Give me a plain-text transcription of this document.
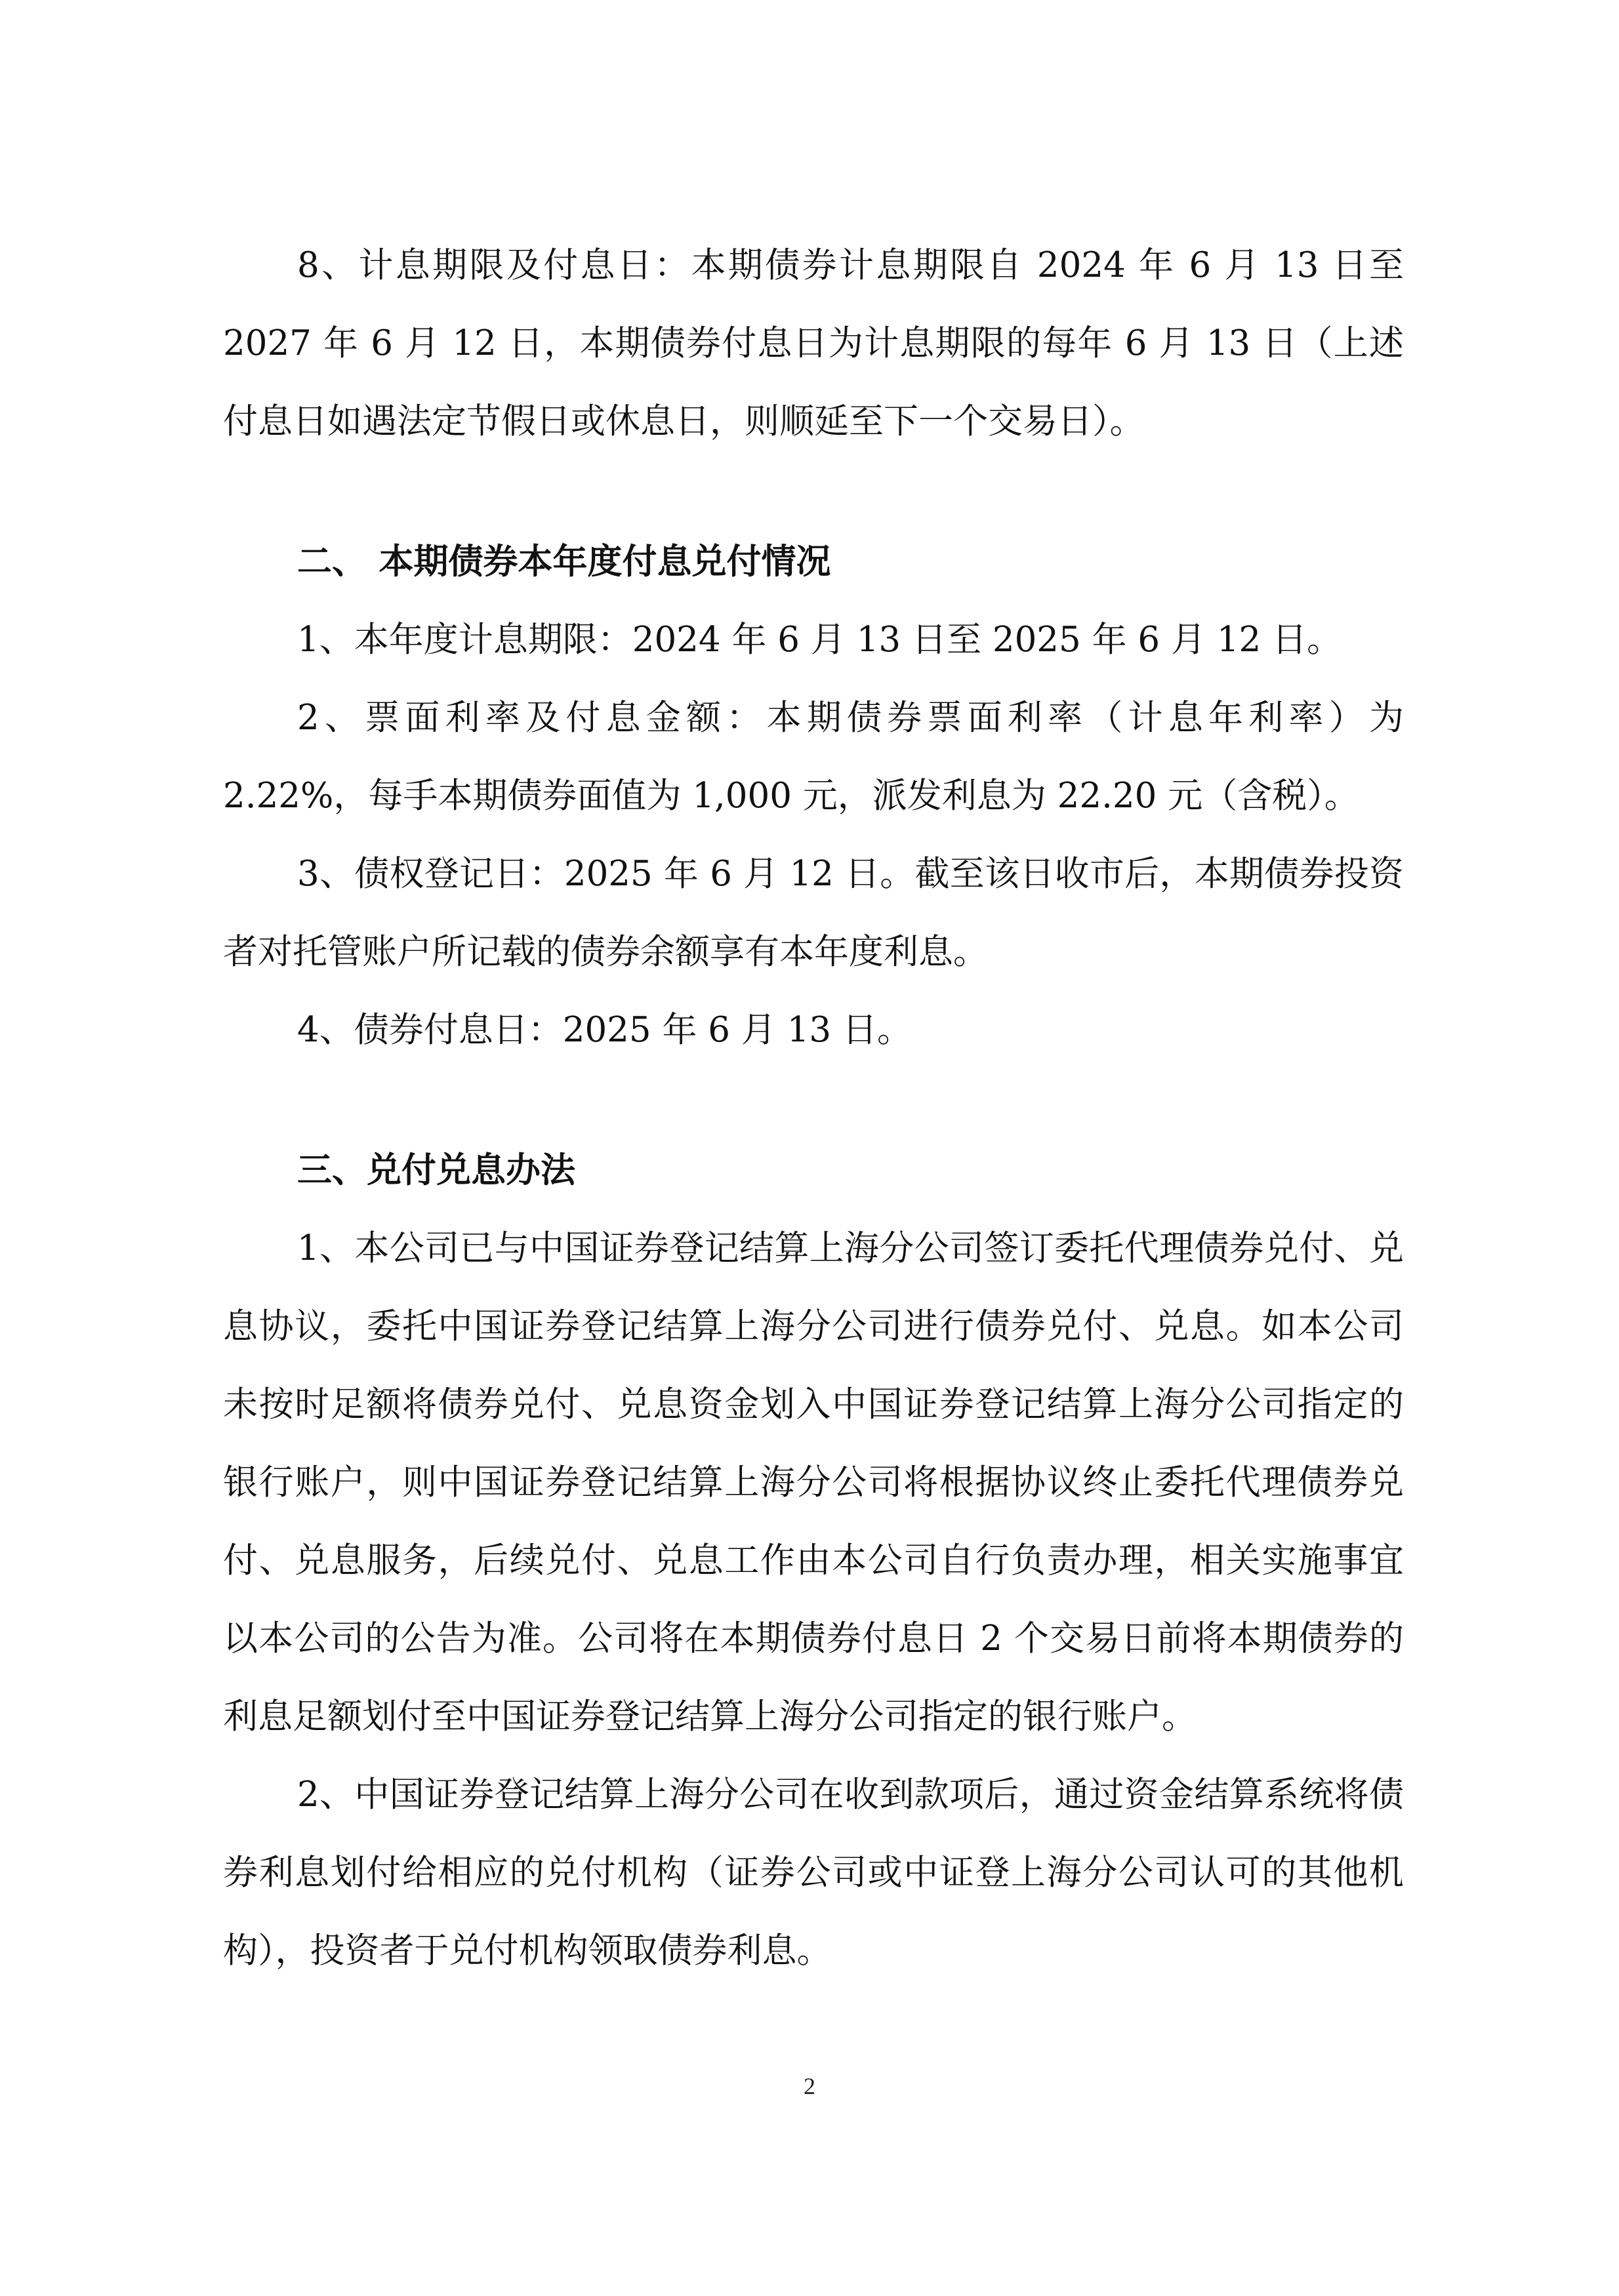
8、计息期限及付息日：本期债券计息期限自 2024 年 6 月 13 日至 2027 年 6 月 12 日，本期债券付息日为计息期限的每年 6 月 13 日（上述付息日如遇法定节假日或休息日，则顺延至下一个交易日）。

二、 本期债券本年度付息兑付情况

1、本年度计息期限：2024 年 6 月 13 日至 2025 年 6 月 12 日。

2、票面利率及付息金额：本期债券票面利率（计息年利率）为 2.22%，每手本期债券面值为 1,000 元，派发利息为 22.20 元（含税）。

3、债权登记日：2025 年 6 月 12 日。截至该日收市后，本期债券投资者对托管账户所记载的债券余额享有本年度利息。

4、债券付息日：2025 年 6 月 13 日。

三、兑付兑息办法

1、本公司已与中国证券登记结算上海分公司签订委托代理债券兑付、兑息协议，委托中国证券登记结算上海分公司进行债券兑付、兑息。如本公司未按时足额将债券兑付、兑息资金划入中国证券登记结算上海分公司指定的银行账户，则中国证券登记结算上海分公司将根据协议终止委托代理债券兑付、兑息服务，后续兑付、兑息工作由本公司自行负责办理，相关实施事宜以本公司的公告为准。公司将在本期债券付息日 2 个交易日前将本期债券的利息足额划付至中国证券登记结算上海分公司指定的银行账户。

2、中国证券登记结算上海分公司在收到款项后，通过资金结算系统将债券利息划付给相应的兑付机构（证券公司或中证登上海分公司认可的其他机构），投资者于兑付机构领取债券利息。

2
